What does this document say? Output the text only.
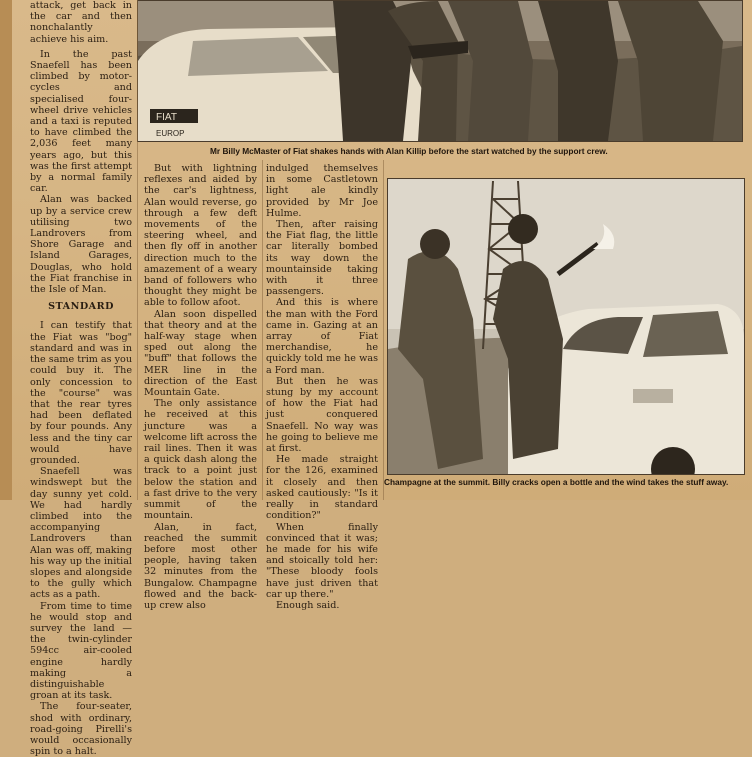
FIAT
EUROP
Mr Billy McMaster of Fiat shakes hands with Alan Killip before the start watched by the support crew.
Champagne at the summit. Billy cracks open a bottle and the wind takes the stuff away.

attack, get back in the car and then nonchalantly achieve his aim.

In the past Snaefell has been climbed by motor-cycles and specialised four-wheel drive vehicles and a taxi is reputed to have climbed the 2,036 feet many years ago, but this was the first attempt by a normal family car.

Alan was backed up by a service crew utilising two Landrovers from Shore Garage and Island Garages, Douglas, who hold the Fiat franchise in the Isle of Man.

STANDARD

I can testify that the Fiat was "bog" standard and was in the same trim as you could buy it. The only concession to the "course" was that the rear tyres had been deflated by four pounds. Any less and the tiny car would have grounded.

Snaefell was windswept but the day sunny yet cold. We had hardly climbed into the accompanying Landrovers than Alan was off, making his way up the initial slopes and alongside to the gully which acts as a path.

From time to time he would stop and survey the land — the twin-cylinder 594cc air-cooled engine hardly making a distinguishable groan at its task.

The four-seater, shod with ordinary, road-going Pirelli's would occasionally spin to a halt.

But with lightning reflexes and aided by the car's lightness, Alan would reverse, go through a few deft movements of the steering wheel, and then fly off in another direction much to the amazement of a weary band of followers who thought they might be able to follow afoot.

Alan soon dispelled that theory and at the half-way stage when sped out along the "buff" that follows the MER line in the direction of the East Mountain Gate.

The only assistance he received at this juncture was a welcome lift across the rail lines. Then it was a quick dash along the track to a point just below the station and a fast drive to the very summit of the mountain.

Alan, in fact, reached the summit before most other people, having taken 32 minutes from the Bungalow. Champagne flowed and the back-up crew also

indulged themselves in some Castletown light ale kindly provided by Mr Joe Hulme.

Then, after raising the Fiat flag, the little car literally bombed its way down the mountainside taking with it three passengers.

And this is where the man with the Ford came in. Gazing at an array of Fiat merchandise, he quickly told me he was a Ford man.

But then he was stung by my account of how the Fiat had just conquered Snaefell. No way was he going to believe me at first.

He made straight for the 126, examined it closely and then asked cautiously: "Is it really in standard condition?"

When finally convinced that it was; he made for his wife and stoically told her: "These bloody fools have just driven that car up there."

Enough said.
